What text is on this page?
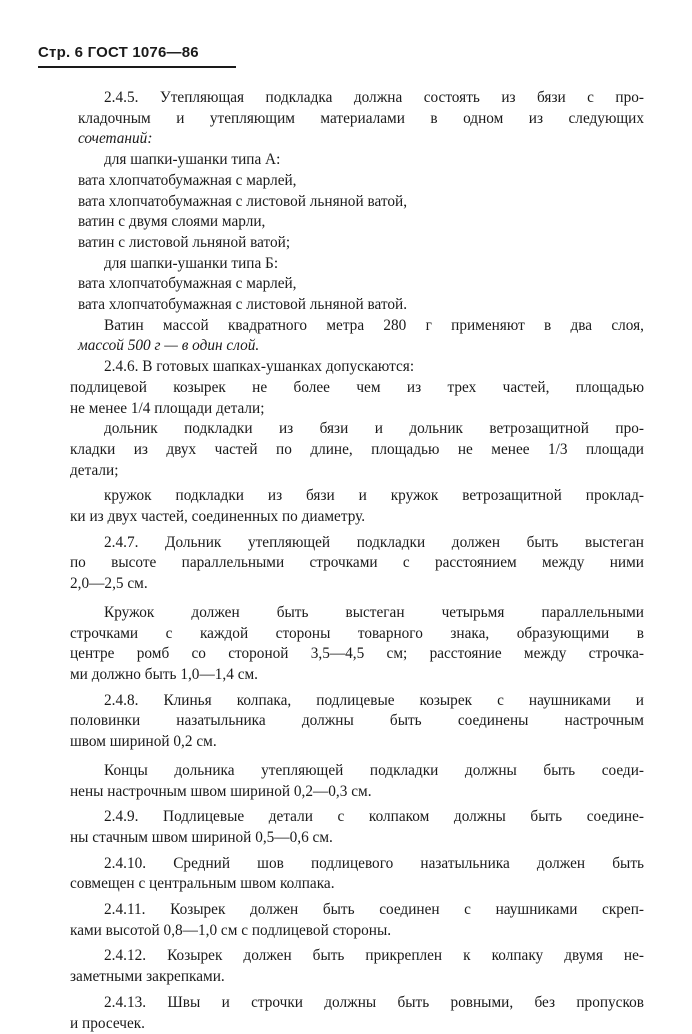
Стр. 6 ГОСТ 1076—86

2.4.5. Утепляющая подкладка должна состоять из бязи с про-

кладочным и утепляющим материалами в одном из следующих

сочетаний:

для шапки-ушанки типа А:

вата хлопчатобумажная с марлей,

вата хлопчатобумажная с листовой льняной ватой,

ватин с двумя слоями марли,

ватин с листовой льняной ватой;

для шапки-ушанки типа Б:

вата хлопчатобумажная с марлей,

вата хлопчатобумажная с листовой льняной ватой.

Ватин массой квадратного метра 280 г применяют в два слоя,

массой 500 г — в один слой.

2.4.6. В готовых шапках-ушанках допускаются:

подлицевой козырек не более чем из трех частей, площадью

не менее 1/4 площади детали;

дольник подкладки из бязи и дольник ветрозащитной про-

кладки из двух частей по длине, площадью не менее 1/3 площади

детали;

кружок подкладки из бязи и кружок ветрозащитной проклад-

ки из двух частей, соединенных по диаметру.

2.4.7. Дольник утепляющей подкладки должен быть выстеган

по высоте параллельными строчками с расстоянием между ними

2,0—2,5 см.

Кружок должен быть выстеган четырьмя параллельными

строчками с каждой стороны товарного знака, образующими в

центре ромб со стороной 3,5—4,5 см; расстояние между строчка-

ми должно быть 1,0—1,4 см.

2.4.8. Клинья колпака, подлицевые козырек с наушниками и

половинки назатыльника должны быть соединены настрочным

швом шириной 0,2 см.

Концы дольника утепляющей подкладки должны быть соеди-

нены настрочным швом шириной 0,2—0,3 см.

2.4.9. Подлицевые детали с колпаком должны быть соедине-

ны стачным швом шириной 0,5—0,6 см.

2.4.10. Средний шов подлицевого назатыльника должен быть

совмещен с центральным швом колпака.

2.4.11. Козырек должен быть соединен с наушниками скреп-

ками высотой 0,8—1,0 см с подлицевой стороны.

2.4.12. Козырек должен быть прикреплен к колпаку двумя не-

заметными закрепками.

2.4.13. Швы и строчки должны быть ровными, без пропусков

и просечек.
